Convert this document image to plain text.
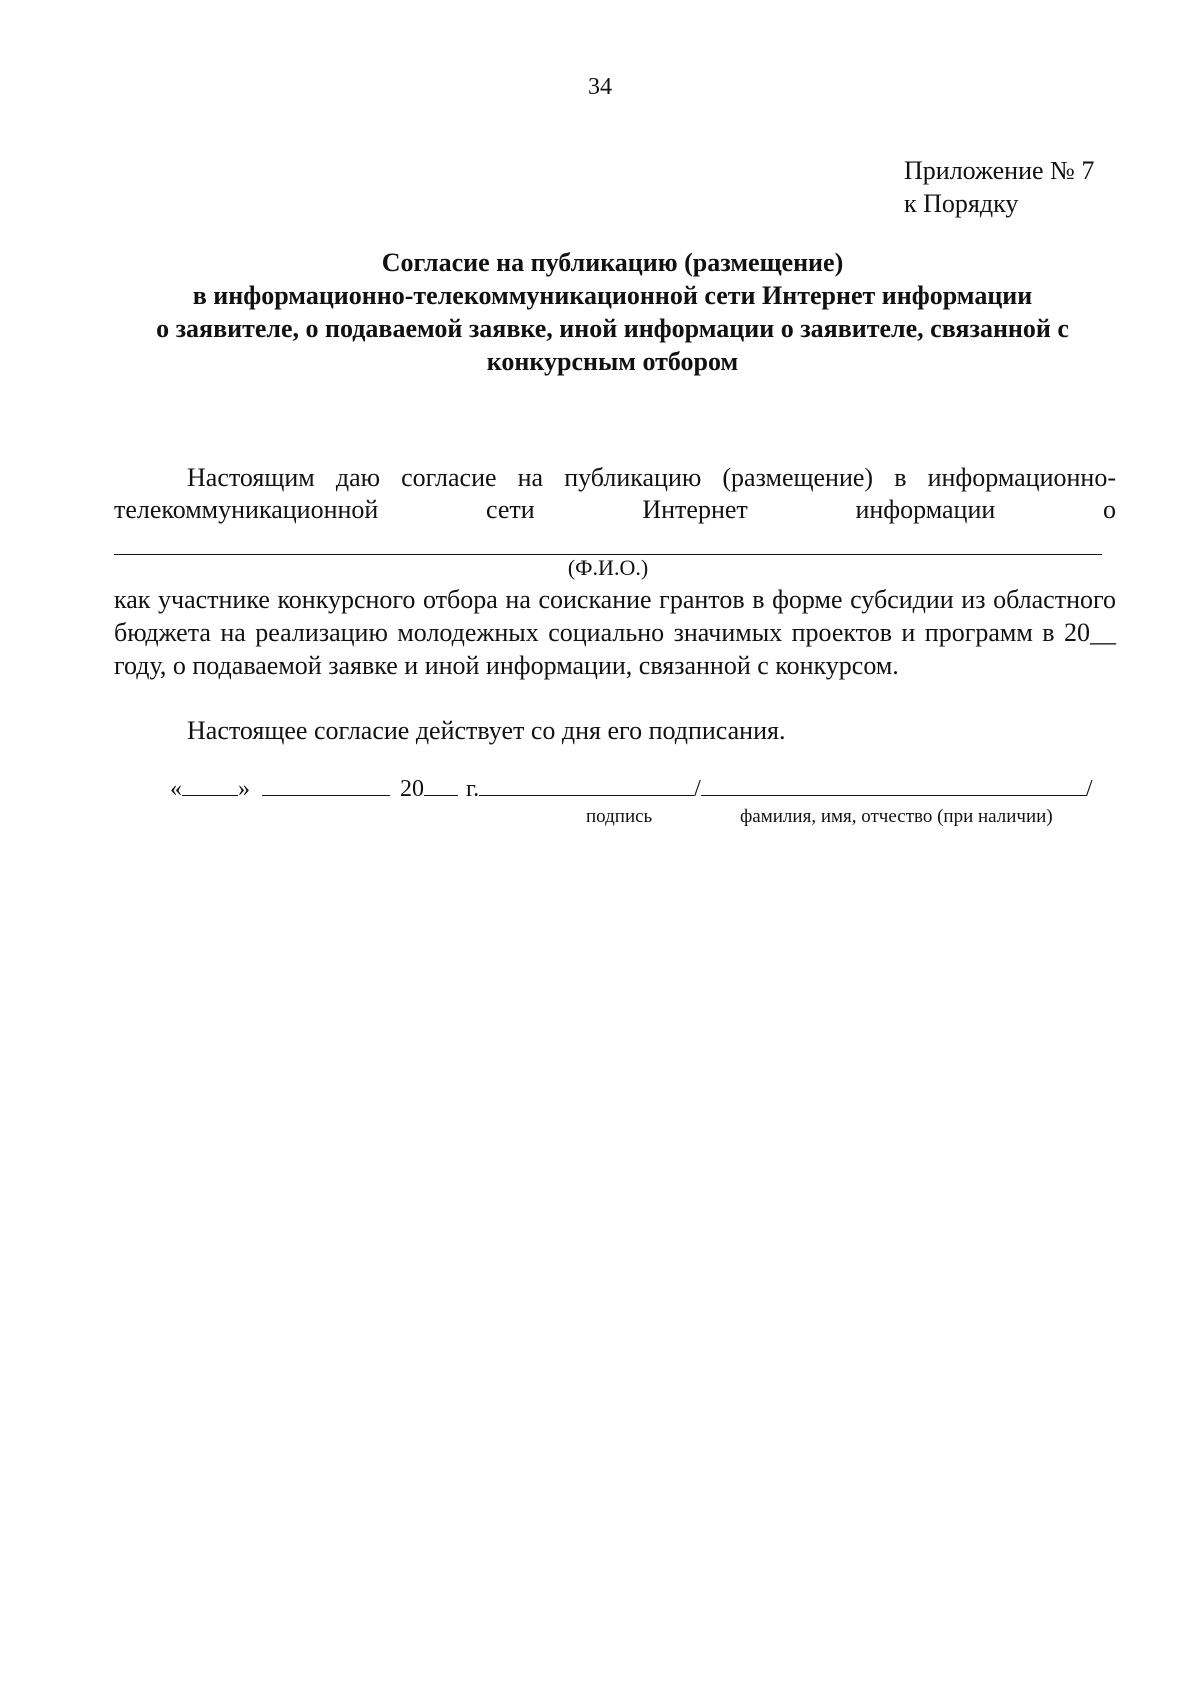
34
Приложение № 7
к Порядку
Согласие на публикацию (размещение)
в информационно-телекоммуникационной сети Интернет информации
о заявителе, о подаваемой заявке, иной информации о заявителе, связанной с
конкурсным отбором
Настоящим даю согласие на публикацию (размещение) в информационно-
телекоммуникационной сети Интернет информации о
(Ф.И.О.)
как участнике конкурсного отбора на соискание грантов в форме субсидии из областного бюджета на реализацию молодежных социально значимых проектов и программ в 20__ году, о подаваемой заявке и иной информации, связанной с конкурсом.
Настоящее согласие действует со дня его подписания.
« »	20 г.	/	/
подпись	фамилия, имя, отчество (при наличии)
